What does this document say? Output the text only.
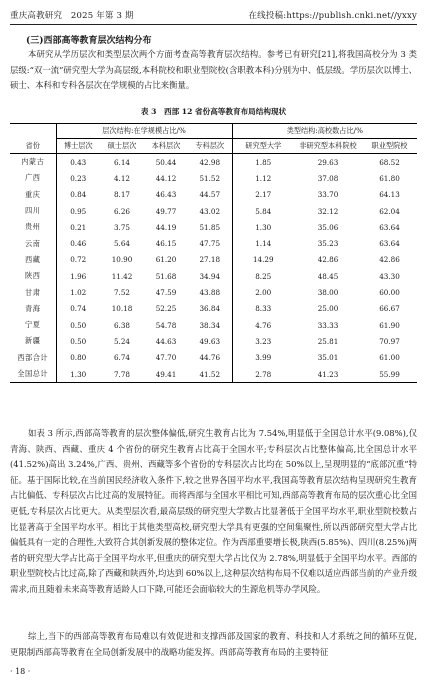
重庆高教研究　2025 年第 3 期	在线投稿:https://publish.cnki.net//yxxy
(三)西部高等教育层次结构分布

本研究从学历层次和类型层次两个方面考查高等教育层次结构。参考已有研究[21],将我国高校分为 3 类层级:“双一流”研究型大学为高层级,本科院校和职业型院校(含职教本科)分别为中、低层级。学历层次以博士、硕士、本科和专科各层次在学规模的占比来衡量。

表 3　西部 12 省份高等教育布局结构现状
	层次结构:在学规模占比/%				类型结构:高校数占比/%		
省份	博士层次	硕士层次	本科层次	专科层次	研究型大学	非研究型本科院校	职业型院校
内蒙古	0.43	6.14	50.44	42.98	1.85	29.63	68.52
广西	0.23	4.12	44.12	51.52	1.12	37.08	61.80
重庆	0.84	8.17	46.43	44.57	2.17	33.70	64.13
四川	0.95	6.26	49.77	43.02	5.84	32.12	62.04
贵州	0.21	3.75	44.19	51.85	1.30	35.06	63.64
云南	0.46	5.64	46.15	47.75	1.14	35.23	63.64
西藏	0.72	10.90	61.20	27.18	14.29	42.86	42.86
陕西	1.96	11.42	51.68	34.94	8.25	48.45	43.30
甘肃	1.02	7.52	47.59	43.88	2.00	38.00	60.00
青海	0.74	10.18	52.25	36.84	8.33	25.00	66.67
宁夏	0.50	6.38	54.78	38.34	4.76	33.33	61.90
新疆	0.50	5.24	44.63	49.63	3.23	25.81	70.97
西部合计	0.80	6.74	47.70	44.76	3.99	35.01	61.00
全国总计	1.30	7.78	49.41	41.52	2.78	41.23	55.99

如表 3 所示,西部高等教育的层次整体偏低,研究生教育占比为 7.54%,明显低于全国总计水平(9.08%),仅青海、陕西、西藏、重庆 4 个省份的研究生教育占比高于全国水平;专科层次占比整体偏高,比全国总计水平(41.52%)高出 3.24%,广西、贵州、西藏等多个省份的专科层次占比均在 50%以上,呈现明显的“底部沉重”特征。基于国际比较,在当前国民经济收入条件下,较之世界各国平均水平,我国高等教育层次结构呈现研究生教育占比偏低、专科层次占比过高的发展特征。而将西部与全国水平相比可知,西部高等教育布局的层次重心比全国更低,专科层次占比更大。从类型层次看,最高层级的研究型大学数占比显著低于全国平均水平,职业型院校数占比显著高于全国平均水平。相比于其他类型高校,研究型大学具有更强的空间集聚性,所以西部研究型大学占比偏低具有一定的合理性,大致符合其创新发展的整体定位。作为西部重要增长极,陕西(5.85%)、四川(8.25%)两者的研究型大学占比高于全国平均水平,但重庆的研究型大学占比仅为 2.78%,明显低于全国平均水平。西部的职业型院校占比过高,除了西藏和陕西外,均达到 60%以上,这种层次结构布局不仅难以适应西部当前的产业升级需求,而且随着未来高等教育适龄人口下降,可能还会面临较大的生源危机等办学风险。

综上,当下的西部高等教育布局难以有效促进和支撑西部及国家的教育、科技和人才系统之间的循环互促,更限制西部高等教育在全局创新发展中的战略功能发挥。西部高等教育布局的主要特征

· 18 ·
